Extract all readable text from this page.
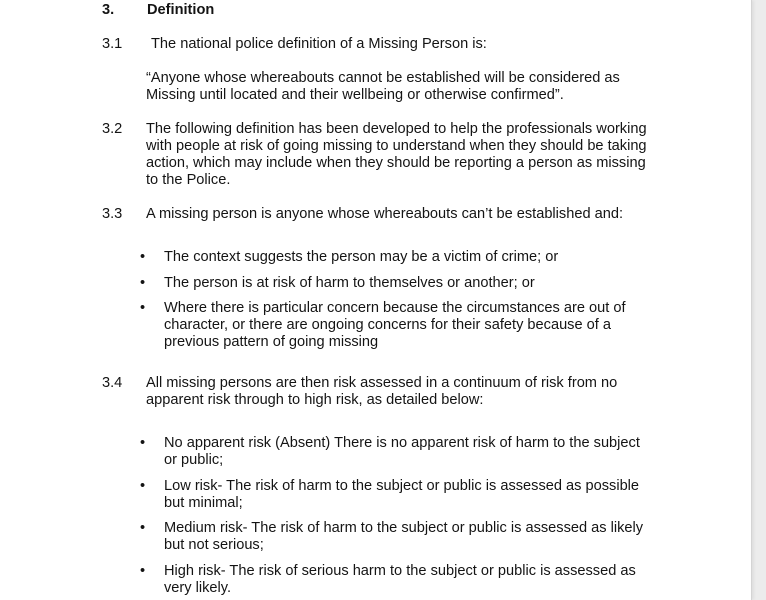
3. Definition
3.1 The national police definition of a Missing Person is:
“Anyone whose whereabouts cannot be established will be considered as
Missing until located and their wellbeing or otherwise confirmed”.
3.2 The following definition has been developed to help the professionals working
with people at risk of going missing to understand when they should be taking
action, which may include when they should be reporting a person as missing
to the Police.
3.3 A missing person is anyone whose whereabouts can’t be established and:
• The context suggests the person may be a victim of crime; or
• The person is at risk of harm to themselves or another; or
• Where there is particular concern because the circumstances are out of
character, or there are ongoing concerns for their safety because of a
previous pattern of going missing
3.4 All missing persons are then risk assessed in a continuum of risk from no
apparent risk through to high risk, as detailed below:
• No apparent risk (Absent) There is no apparent risk of harm to the subject
or public;
• Low risk- The risk of harm to the subject or public is assessed as possible
but minimal;
• Medium risk- The risk of harm to the subject or public is assessed as likely
but not serious;
• High risk- The risk of serious harm to the subject or public is assessed as
very likely.
